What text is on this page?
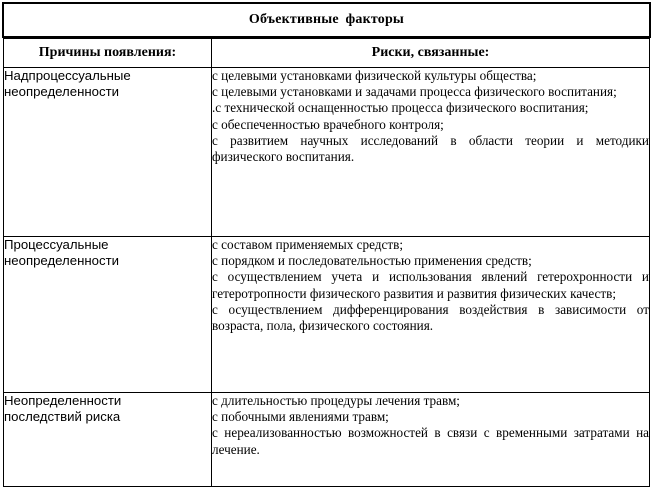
Объективные факторы
Причины появления:	Риски, связанные:

Надпроцессуальные
неопределенности	с целевыми установками физической культуры общества;
с целевыми установками и задачами процесса физического воспитания;
.с технической оснащенностью процесса физического воспитания;
с обеспеченностью врачебного контроля;
с развитием научных исследований в области теории и методики физического воспитания.

Процессуальные
неопределенности	с составом применяемых средств;
с порядком и последовательностью применения средств;
с осуществлением учета и использования явлений гетерохронности и гетеротропности физического развития и развития физических качеств;
с осуществлением дифференцирования воздействия в зависимости от возраста, пола, физического состояния.

Неопределенности
последствий риска	с длительностью процедуры лечения травм;
с побочными явлениями травм;
с нереализованностью возможностей в связи с временными затратами на лечение.
